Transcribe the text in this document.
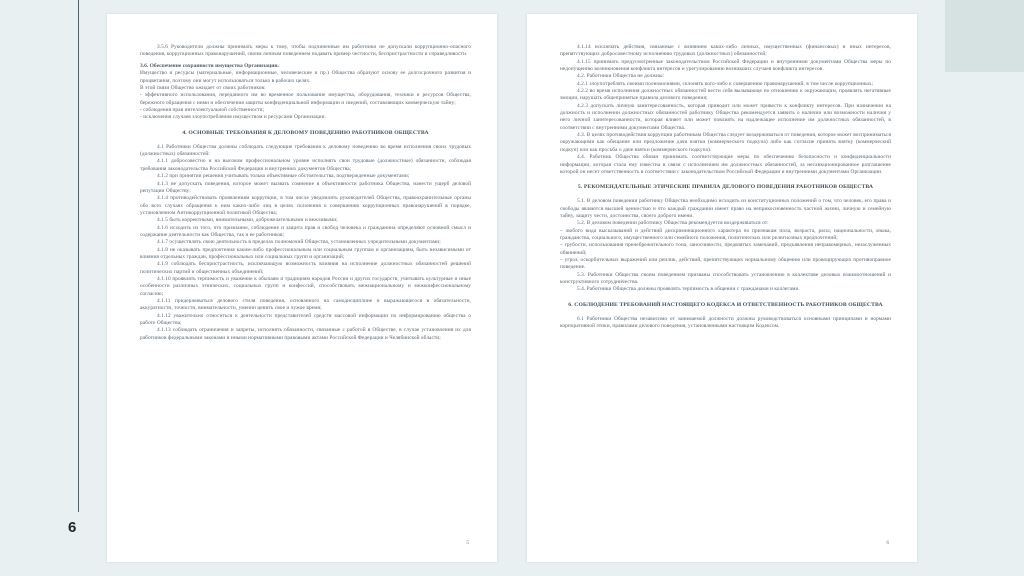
6

3.5.6 Руководители должны принимать меры к тому, чтобы подчиненные им работники не допускали коррупционно-опасного поведения, коррупционных правонарушений, своим личным поведением подавать пример честности, беспристрастности и справедливости.

3.6. Обеспечение сохранности имущества Организации.

Имущество и ресурсы (материальные, информационные, человеческие и пр.) Общества образуют основу ее долгосрочного развития и процветания, поэтому они могут использоваться только в рабочих целях.

В этой связи Общество ожидает от своих работников:

- эффективного использования, переданного им во временное пользование имущества, оборудования, техники и ресурсов Общества, бережного обращения с ними и обеспечения защиты конфиденциальной информации и сведений, составляющих коммерческую тайну;

- соблюдения прав интеллектуальной собственности;

- исключения случаев злоупотребления имуществом и ресурсами Организации.

4. ОСНОВНЫЕ ТРЕБОВАНИЯ К ДЕЛОВОМУ ПОВЕДЕНИЮ РАБОТНИКОВ ОБЩЕСТВА

4.1 Работники Общества должны соблюдать следующие требования к деловому поведению во время исполнения своих трудовых (должностных) обязанностей:

4.1.1 добросовестно и на высоком профессиональном уровне исполнять свои трудовые (должностные) обязанности, соблюдая требования законодательства Российской Федерации и внутренних документов Общества;

4.1.2 при принятии решения учитывать только объективные обстоятельства, подтвержденные документами;

4.1.3 не допускать поведения, которое может вызвать сомнение в объективности работника Общества, нанести ущерб деловой репутации Обществу;

4.1.4 противодействовать проявлениям коррупции, в том числе уведомлять руководителей Общества, правоохранительные органы обо всех случаях обращения к ним каких-либо лиц в целях склонения к совершению коррупционных правонарушений в порядке, установленном Антикоррупционной политикой Общества;

4.1.5 быть корректными, внимательными, доброжелательными и вежливыми;

4.1.6 исходить из того, что признание, соблюдение и защита прав и свобод человека и гражданина определяют основной смысл и содержание деятельности как Общества, так и ее работников;

4.1.7 осуществлять свою деятельность в пределах полномочий Общества, установленных учредительными документами;

4.1.8 не оказывать предпочтения каким-либо профессиональным или социальным группам и организациям, быть независимыми от влияния отдельных граждан, профессиональных или социальных групп и организаций;

4.1.9 соблюдать беспристрастность, исключающую возможность влияния на исполнение должностных обязанностей решений политических партий и общественных объединений;

4.1.10 проявлять терпимость и уважение к обычаям и традициям народов России и других государств, учитывать культурные и иные особенности различных этнических, социальных групп и конфессий, способствовать межнациональному и межконфессиональному согласию;

4.1.11 придерживаться делового стиля поведения, основанного на самодисциплине и выражающегося в обязательности, аккуратности, точности, внимательности, умении ценить свое и чужое время;

4.1.12 уважительно относиться к деятельности представителей средств массовой информации по информированию общества о работе Общества;

4.1.13 соблюдать ограничения и запреты, исполнять обязанности, связанные с работой в Обществе, в случае установления их для работников федеральными законами и иными нормативными правовыми актами Российской Федерации и Челябинской области;

5

4.1.14 исключать действия, связанные с влиянием каких-либо личных, имущественных (финансовых) и иных интересов, препятствующих добросовестному исполнению трудовых (должностных) обязанностей;

4.1.15 принимать предусмотренные законодательством Российской Федерации и внутренними документами Общества меры по недопущению возникновения конфликта интересов и урегулированию возникших случаев конфликта интересов.

4.2. Работники Общества не должны:

4.2.1 злоупотреблять своими полномочиями, склонять кого-либо к совершению правонарушений, в том числе коррупционных;

4.2.2 во время исполнения должностных обязанностей вести себя вызывающе по отношению к окружающим, проявлять негативные эмоции, нарушать общепринятые правила делового поведения;

4.2.3 допускать личную заинтересованность, которая приводит или может привести к конфликту интересов. При назначении на должность и исполнении должностных обязанностей работнику Общества рекомендуется заявить о наличии или возможности наличия у него личной заинтересованности, которая влияет или может повлиять на надлежащее исполнение им должностных обязанностей, в соответствии с внутренними документами Общества.

4.3. В целях противодействия коррупции работникам Общества следует воздерживаться от поведения, которое может восприниматься окружающими как обещание или предложение дачи взятки (коммерческого подкупа) либо как согласие принять взятку (коммерческий подкуп) или как просьба о даче взятки (коммерческого подкупа).

4.4. Работник Общества обязан принимать соответствующие меры по обеспечению безопасности и конфиденциальности информации, которая стала ему известна в связи с исполнением им должностных обязанностей, за несанкционированное разглашение которой он несет ответственность в соответствии с законодательством Российской Федерации и внутренними документами Организации.

5. РЕКОМЕНДАТЕЛЬНЫЕ ЭТИЧЕСКИЕ ПРАВИЛА ДЕЛОВОГО ПОВЕДЕНИЯ РАБОТНИКОВ ОБЩЕСТВА

5.1. В деловом поведении работнику Общества необходимо исходить из конституционных положений о том, что человек, его права и свободы являются высшей ценностью и что каждый гражданин имеет право на неприкосновенность частной жизни, личную и семейную тайну, защиту чести, достоинства, своего доброго имени.

5.2. В деловом поведении работнику Общества рекомендуется воздерживаться от:

– любого вида высказываний и действий дискриминационного характера по признакам пола, возраста, расы, национальности, языка, гражданства, социального, имущественного или семейного положения, политических или религиозных предпочтений;

– грубости, использования пренебрежительного тона, заносчивости, предвзятых замечаний, предъявления неправомерных, незаслуженных обвинений;

– угроз, оскорбительных выражений или реплик, действий, препятствующих нормальному общению или провоцирующих противоправное поведение.

5.3. Работники Общества своим поведением призваны способствовать установлению в коллективе деловых взаимоотношений и конструктивного сотрудничества.

5.4. Работники Общества должны проявлять терпимость в общении с гражданами и коллегами.

6. СОБЛЮДЕНИЕ ТРЕБОВАНИЙ НАСТОЯЩЕГО КОДЕКСА И ОТВЕТСТВЕННОСТЬ РАБОТНИКОВ ОБЩЕСТВА

6.1 Работники Общества независимо от занимаемой должности должны руководствоваться основными принципами и нормами корпоративной этики, правилами делового поведения, установленными настоящим Кодексом.

6
